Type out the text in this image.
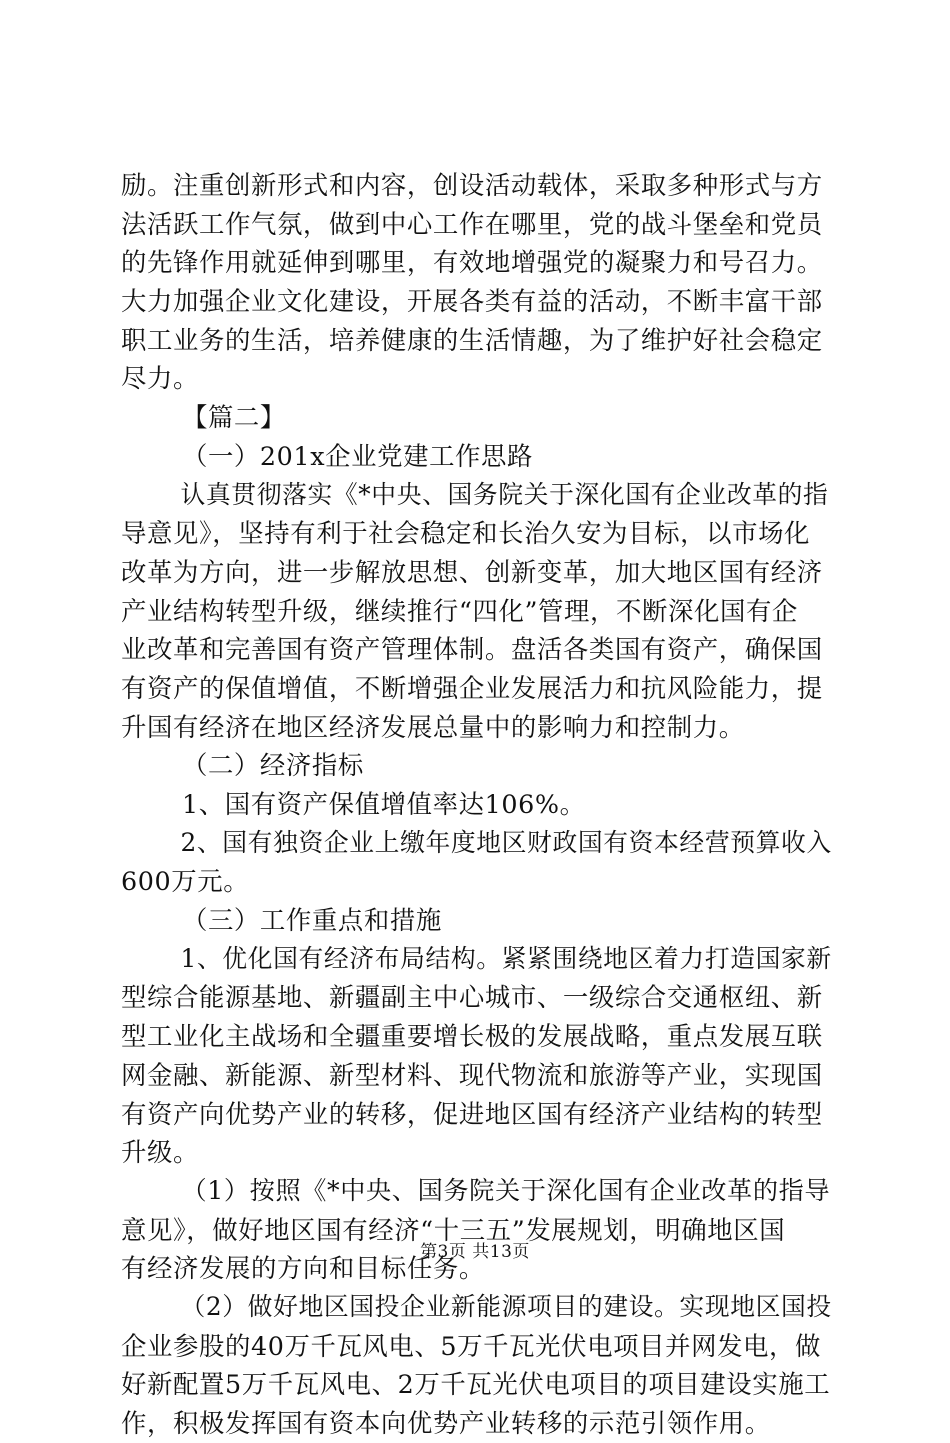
励。注重创新形式和内容，创设活动载体，采取多种形式与方
法活跃工作气氛，做到中心工作在哪里，党的战斗堡垒和党员
的先锋作用就延伸到哪里，有效地增强党的凝聚力和号召力。
大力加强企业文化建设，开展各类有益的活动，不断丰富干部
职工业务的生活，培养健康的生活情趣，为了维护好社会稳定
尽力。
【篇二】
（一）201x企业党建工作思路
认真贯彻落实《*中央、国务院关于深化国有企业改革的指
导意见》，坚持有利于社会稳定和长治久安为目标，以市场化
改革为方向，进一步解放思想、创新变革，加大地区国有经济
产业结构转型升级，继续推行“四化”管理，不断深化国有企
业改革和完善国有资产管理体制。盘活各类国有资产，确保国
有资产的保值增值，不断增强企业发展活力和抗风险能力，提
升国有经济在地区经济发展总量中的影响力和控制力。
（二）经济指标
1、国有资产保值增值率达106%。
2、国有独资企业上缴年度地区财政国有资本经营预算收入
600万元。
（三）工作重点和措施
1、优化国有经济布局结构。紧紧围绕地区着力打造国家新
型综合能源基地、新疆副主中心城市、一级综合交通枢纽、新
型工业化主战场和全疆重要增长极的发展战略，重点发展互联
网金融、新能源、新型材料、现代物流和旅游等产业，实现国
有资产向优势产业的转移，促进地区国有经济产业结构的转型
升级。
（1）按照《*中央、国务院关于深化国有企业改革的指导
意见》，做好地区国有经济“十三五”发展规划，明确地区国
有经济发展的方向和目标任务。
（2）做好地区国投企业新能源项目的建设。实现地区国投
企业参股的40万千瓦风电、5万千瓦光伏电项目并网发电，做
好新配置5万千瓦风电、2万千瓦光伏电项目的项目建设实施工
作，积极发挥国有资本向优势产业转移的示范引领作用。
第3页 共13页
